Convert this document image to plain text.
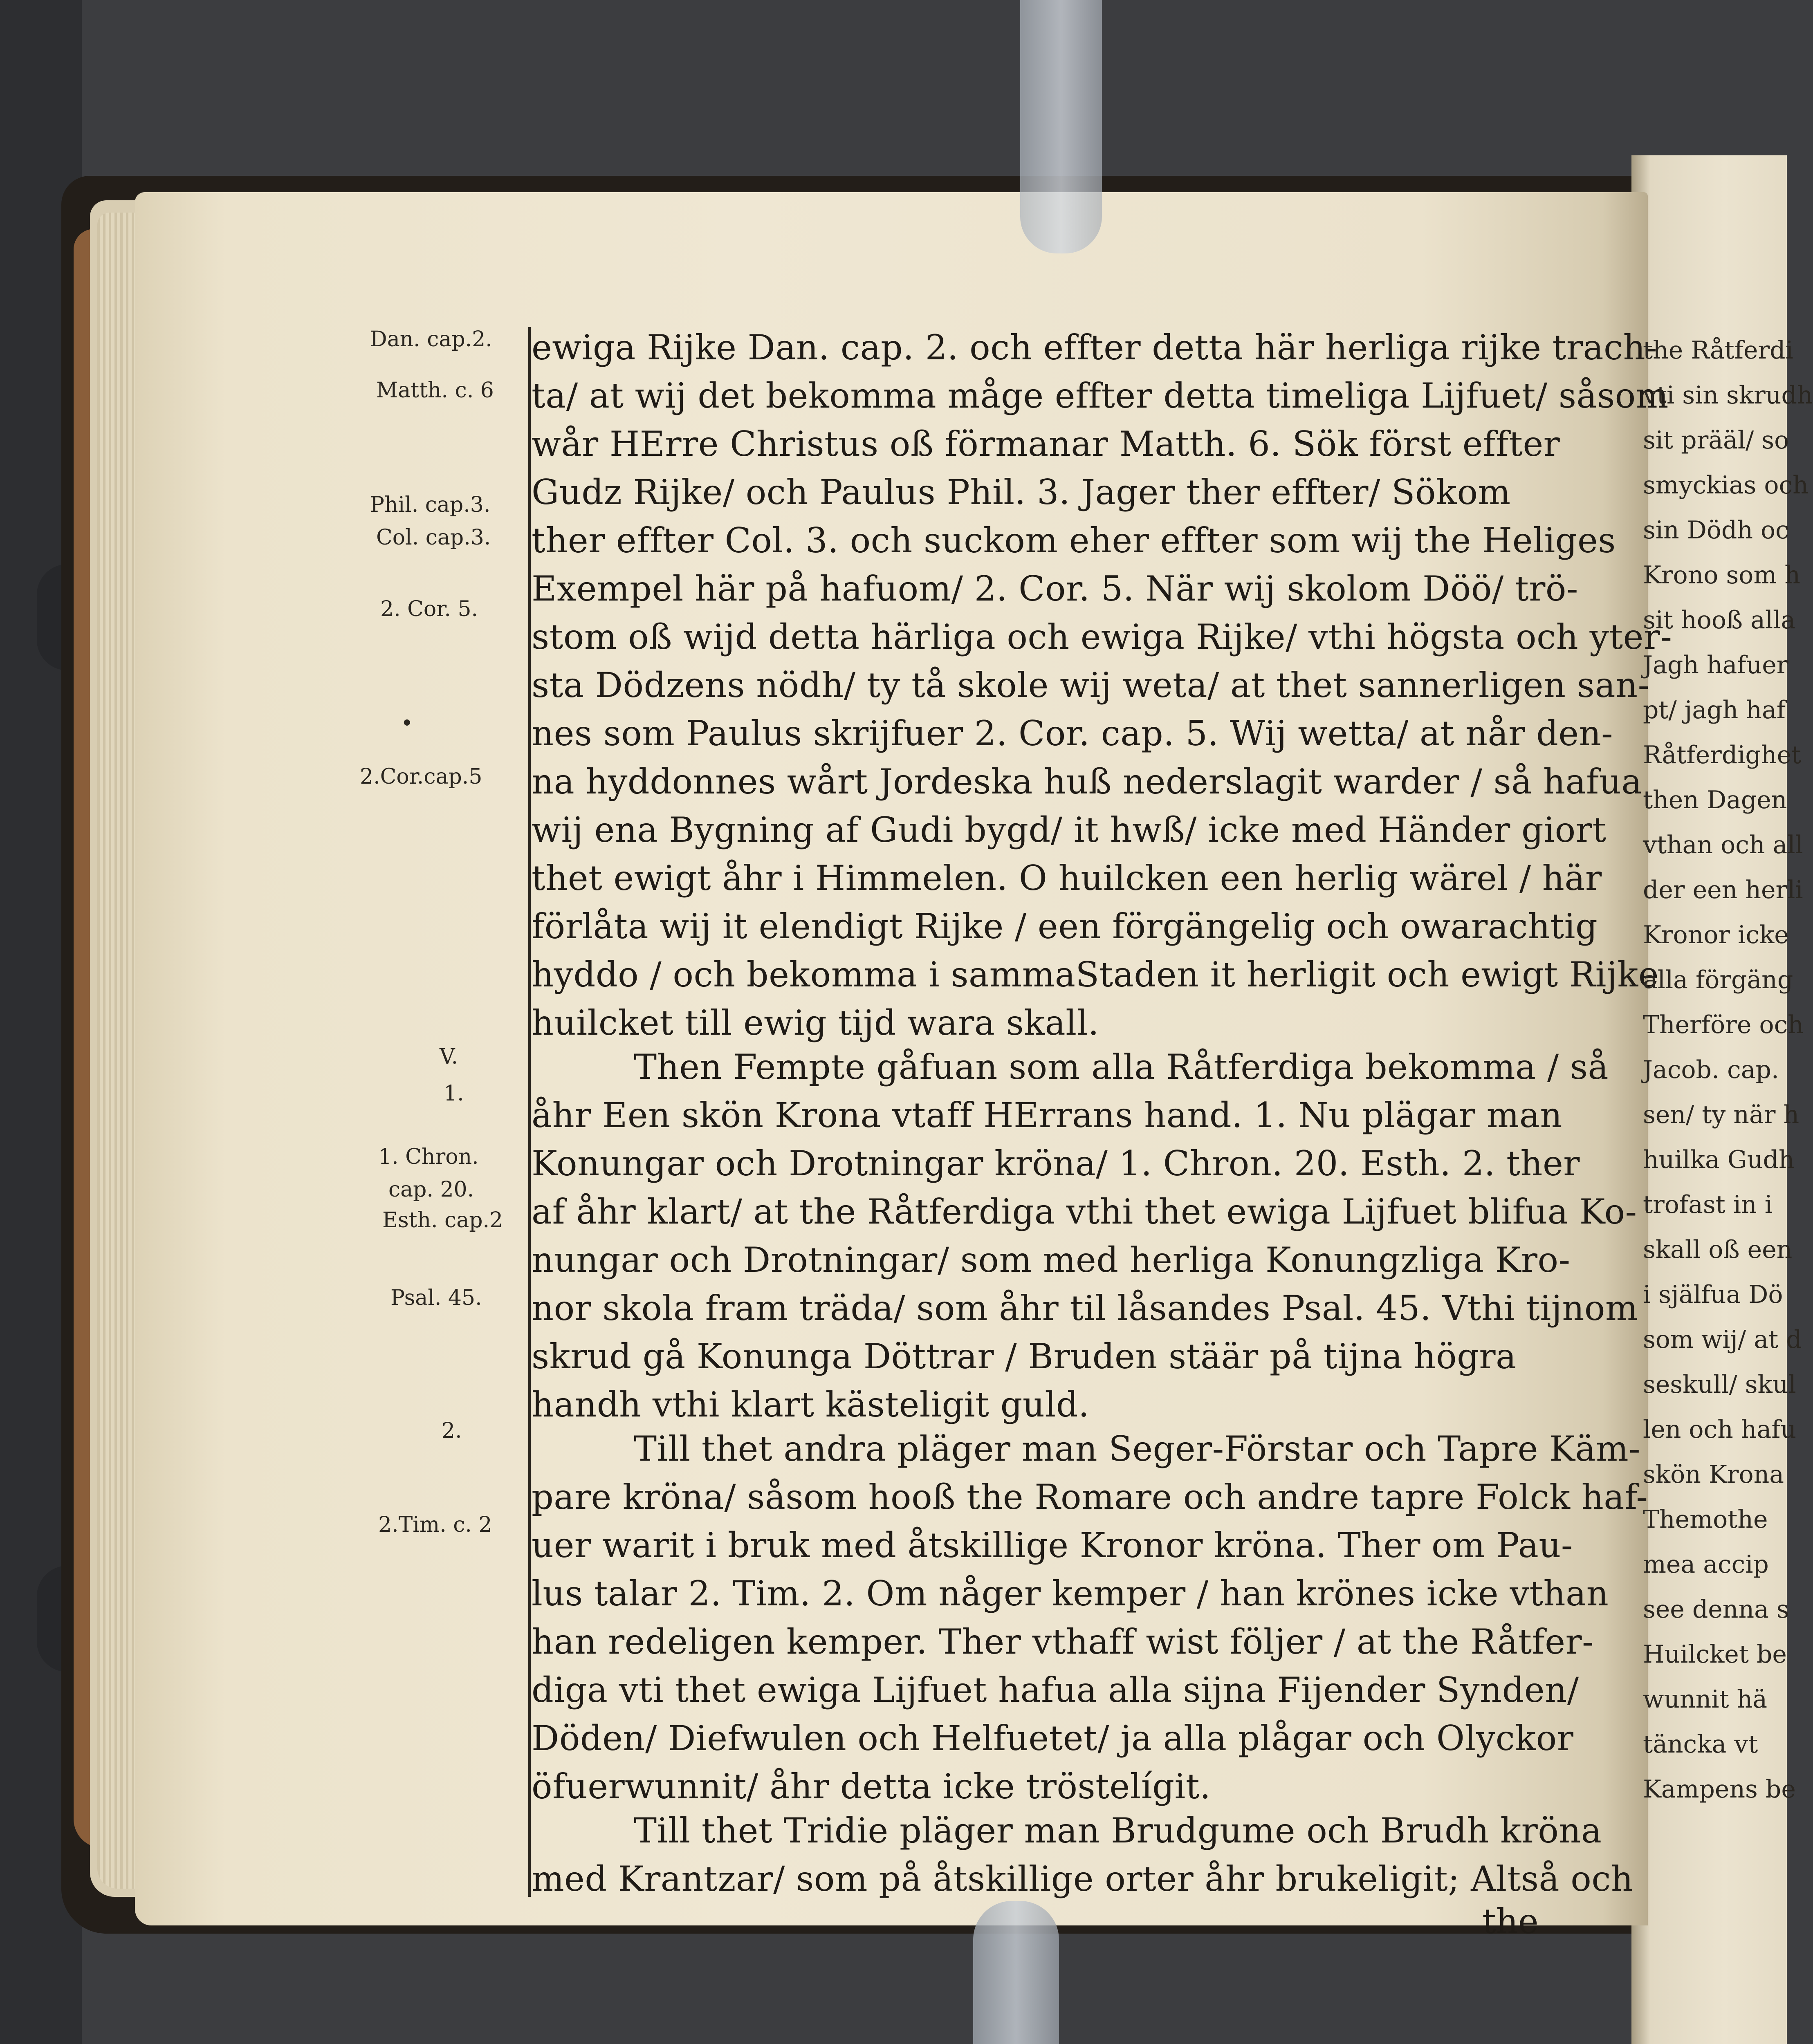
Dan. cap.2.
Matth. c. 6
Phil. cap.3.
Col. cap.3.
2. Cor. 5.
•
2.Cor.cap.5
V.
1.
1. Chron.
cap. 20.
Esth. cap.2
Psal. 45.
2.
2.Tim. c. 2
ewiga Rijke Dan. cap. 2. och effter detta här herliga rijke trach-
ta/ at wij det bekomma måge effter detta timeliga Lijfuet/ såsom
wår HErre Christus oß förmanar Matth. 6. Sök först effter
Gudz Rijke/ och Paulus Phil. 3. Jager ther effter/ Sökom
ther effter Col. 3. och suckom eher effter som wij the Heliges
Exempel här på hafuom/ 2. Cor. 5. När wij skolom Döö/ trö-
stom oß wijd detta härliga och ewiga Rijke/ vthi högsta och yter-
sta Dödzens nödh/ ty tå skole wij weta/ at thet sannerligen san-
nes som Paulus skrijfuer 2. Cor. cap. 5. Wij wetta/ at når den-
na hyddonnes wårt Jordeska huß nederslagit warder / så hafua
wij ena Bygning af Gudi bygd/ it hwß/ icke med Händer giort
thet ewigt åhr i Himmelen. O huilcken een herlig wärel / här
förlåta wij it elendigt Rijke / een förgängelig och owarachtig
hyddo / och bekomma i sammaStaden it herligit och ewigt Rijke
huilcket till ewig tijd wara skall.
Then Fempte gåfuan som alla Råtferdiga bekomma / så
åhr Een skön Krona vtaff HErrans hand. 1. Nu plägar man
Konungar och Drotningar kröna/ 1. Chron. 20. Esth. 2. ther
af åhr klart/ at the Råtferdiga vthi thet ewiga Lijfuet blifua Ko-
nungar och Drotningar/ som med herliga Konungzliga Kro-
nor skola fram träda/ som åhr til låsandes Psal. 45. Vthi tijnom
skrud gå Konunga Döttrar / Bruden stäär på tijna högra
handh vthi klart kästeligit guld.
Till thet andra pläger man Seger-Förstar och Tapre Käm-
pare kröna/ såsom hooß the Romare och andre tapre Folck haf-
uer warit i bruk med åtskillige Kronor kröna. Ther om Pau-
lus talar 2. Tim. 2. Om någer kemper / han krönes icke vthan
han redeligen kemper. Ther vthaff wist följer / at the Råtfer-
diga vti thet ewiga Lijfuet hafua alla sijna Fijender Synden/
Döden/ Diefwulen och Helfuetet/ ja alla plågar och Olyckor
öfuerwunnit/ åhr detta icke tröstelígit.
Till thet Tridie pläger man Brudgume och Brudh kröna
med Krantzar/ som på åtskillige orter åhr brukeligit; Altså och
the
the Råtferdi
vti sin skrudh
sit prääl/ so
smyckias och
sin Dödh oc
Krono som h
sit hooß alla
Jagh hafuer
pt/ jagh haf
Råtferdighet
then Dagen
vthan och all
der een herli
Kronor icke
alla förgäng
Therföre och
Jacob. cap.
sen/ ty när h
huilka Gudh
trofast in i
skall oß een
i själfua Dö
som wij/ at d
seskull/ skul
len och hafu
skön Krona
Themothe
mea accip
see denna s
Huilcket be
wunnit hä
täncka vt
Kampens be
